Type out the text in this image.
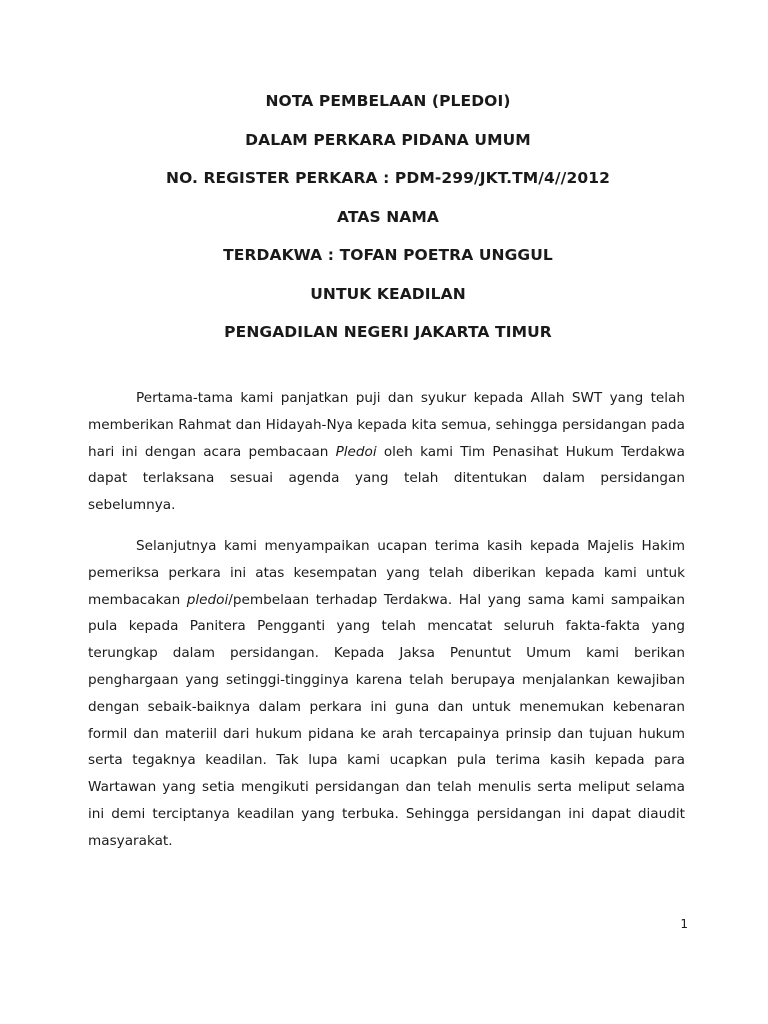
NOTA PEMBELAAN (PLEDOI)
DALAM PERKARA PIDANA UMUM
NO. REGISTER PERKARA : PDM-299/JKT.TM/4//2012
ATAS NAMA
TERDAKWA : TOFAN POETRA UNGGUL
UNTUK KEADILAN
PENGADILAN NEGERI JAKARTA TIMUR

Pertama-tama kami panjatkan puji dan syukur kepada Allah SWT yang telah memberikan Rahmat dan Hidayah-Nya kepada kita semua, sehingga persidangan pada hari ini dengan acara pembacaan Pledoi oleh kami Tim Penasihat Hukum Terdakwa dapat terlaksana sesuai agenda yang telah ditentukan dalam persidangan sebelumnya.

Selanjutnya kami menyampaikan ucapan terima kasih kepada Majelis Hakim pemeriksa perkara ini atas kesempatan yang telah diberikan kepada kami untuk membacakan pledoi/pembelaan terhadap Terdakwa. Hal yang sama kami sampaikan pula kepada Panitera Pengganti yang telah mencatat seluruh fakta-fakta yang terungkap dalam persidangan. Kepada Jaksa Penuntut Umum kami berikan penghargaan yang setinggi-tingginya karena telah berupaya menjalankan kewajiban dengan sebaik-baiknya dalam perkara ini guna dan untuk menemukan kebenaran formil dan materiil dari hukum pidana ke arah tercapainya prinsip dan tujuan hukum serta tegaknya keadilan. Tak lupa kami ucapkan pula terima kasih kepada para Wartawan yang setia mengikuti persidangan dan telah menulis serta meliput selama ini demi terciptanya keadilan yang terbuka. Sehingga persidangan ini dapat diaudit masyarakat.

1
